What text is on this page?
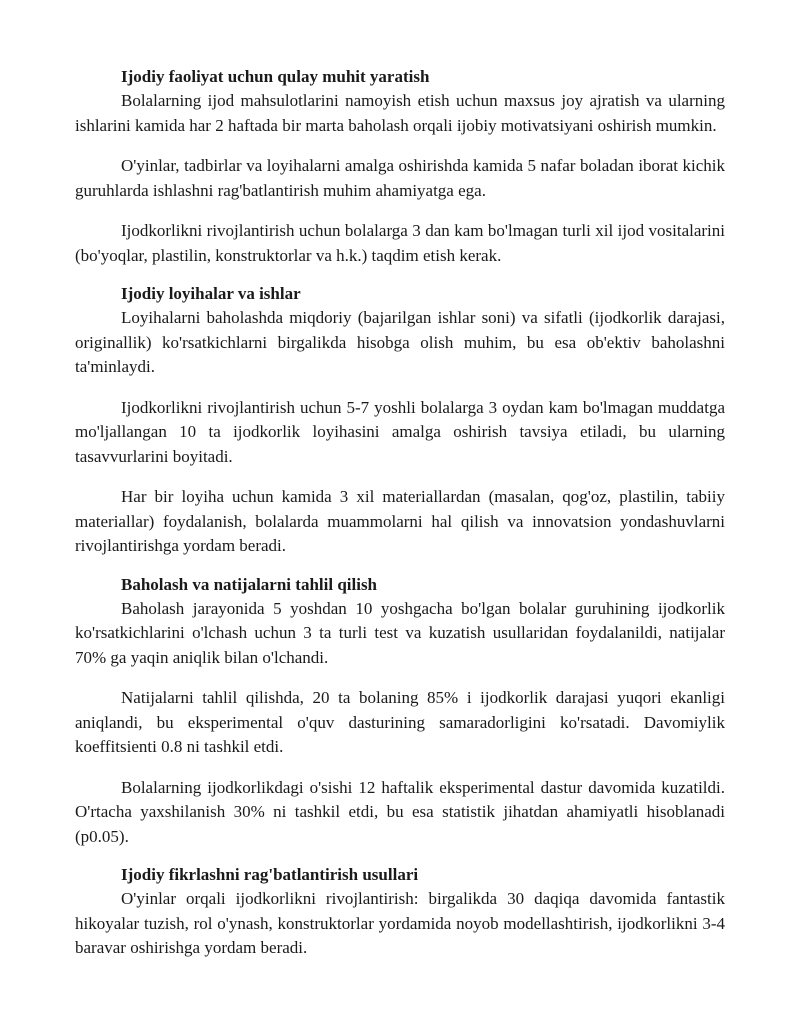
Ijodiy faoliyat uchun qulay muhit yaratish

Bolalarning ijod mahsulotlarini namoyish etish uchun maxsus joy ajratish va ularning ishlarini kamida har 2 haftada bir marta baholash orqali ijobiy motivatsiyani oshirish mumkin.

O'yinlar, tadbirlar va loyihalarni amalga oshirishda kamida 5 nafar boladan iborat kichik guruhlarda ishlashni rag'batlantirish muhim ahamiyatga ega.

Ijodkorlikni rivojlantirish uchun bolalarga 3 dan kam bo'lmagan turli xil ijod vositalarini (bo'yoqlar, plastilin, konstruktorlar va h.k.) taqdim etish kerak.

Ijodiy loyihalar va ishlar

Loyihalarni baholashda miqdoriy (bajarilgan ishlar soni) va sifatli (ijodkorlik darajasi, originallik) ko'rsatkichlarni birgalikda hisobga olish muhim, bu esa ob'ektiv baholashni ta'minlaydi.

Ijodkorlikni rivojlantirish uchun 5-7 yoshli bolalarga 3 oydan kam bo'lmagan muddatga mo'ljallangan 10 ta ijodkorlik loyihasini amalga oshirish tavsiya etiladi, bu ularning tasavvurlarini boyitadi.

Har bir loyiha uchun kamida 3 xil materiallardan (masalan, qog'oz, plastilin, tabiiy materiallar) foydalanish, bolalarda muammolarni hal qilish va innovatsion yondashuvlarni rivojlantirishga yordam beradi.

Baholash va natijalarni tahlil qilish

Baholash jarayonida 5 yoshdan 10 yoshgacha bo'lgan bolalar guruhining ijodkorlik ko'rsatkichlarini o'lchash uchun 3 ta turli test va kuzatish usullaridan foydalanildi, natijalar 70% ga yaqin aniqlik bilan o'lchandi.

Natijalarni tahlil qilishda, 20 ta bolaning 85% i ijodkorlik darajasi yuqori ekanligi aniqlandi, bu eksperimental o'quv dasturining samaradorligini ko'rsatadi. Davomiylik koeffitsienti 0.8 ni tashkil etdi.

Bolalarning ijodkorlikdagi o'sishi 12 haftalik eksperimental dastur davomida kuzatildi. O'rtacha yaxshilanish 30% ni tashkil etdi, bu esa statistik jihatdan ahamiyatli hisoblanadi (p0.05).

Ijodiy fikrlashni rag'batlantirish usullari

O'yinlar orqali ijodkorlikni rivojlantirish: birgalikda 30 daqiqa davomida fantastik hikoyalar tuzish, rol o'ynash, konstruktorlar yordamida noyob modellashtirish, ijodkorlikni 3-4 baravar oshirishga yordam beradi.
